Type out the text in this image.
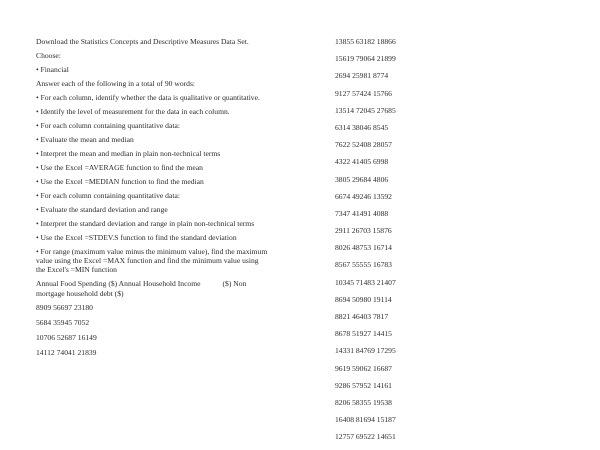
Download the Statistics Concepts and Descriptive Measures Data Set.

Choose:

• Financial

Answer each of the following in a total of 90 words:

• For each column, identify whether the data is qualitative or quantitative.

• Identify the level of measurement for the data in each column.

• For each column containing quantitative data:

• Evaluate the mean and median

• Interpret the mean and median in plain non-technical terms

• Use the Excel =AVERAGE function to find the mean

• Use the Excel =MEDIAN function to find the median

• For each column containing quantitative data:

• Evaluate the standard deviation and range

• Interpret the standard deviation and range in plain non-technical terms

• Use the Excel =STDEV.S function to find the standard deviation

• For range (maximum value minus the minimum value), find the maximum value using the Excel =MAX function and find the minimum value using the Excel's =MIN function

Annual Food Spending ($) Annual Household Income	($) Non mortgage household debt ($)

8909 56697 23180

5684 35945 7052

10706 52687 16149

14112 74041 21839

13855 63182 18866

15619 79064 21899

2694 25981 8774

9127 57424 15766

13514 72045 27685

6314 38046 8545

7622 52408 28057

4322 41405 6998

3805 29684 4806

6674 49246 13592

7347 41491 4088

2911 26703 15876

8026 48753 16714

8567 55555 16783

10345 71483 21407

8694 50980 19114

8821 46403 7817

8678 51927 14415

14331 84769 17295

9619 59062 16687

9286 57952 14161

8206 58355 19538

16408 81694 15187

12757 69522 14651
